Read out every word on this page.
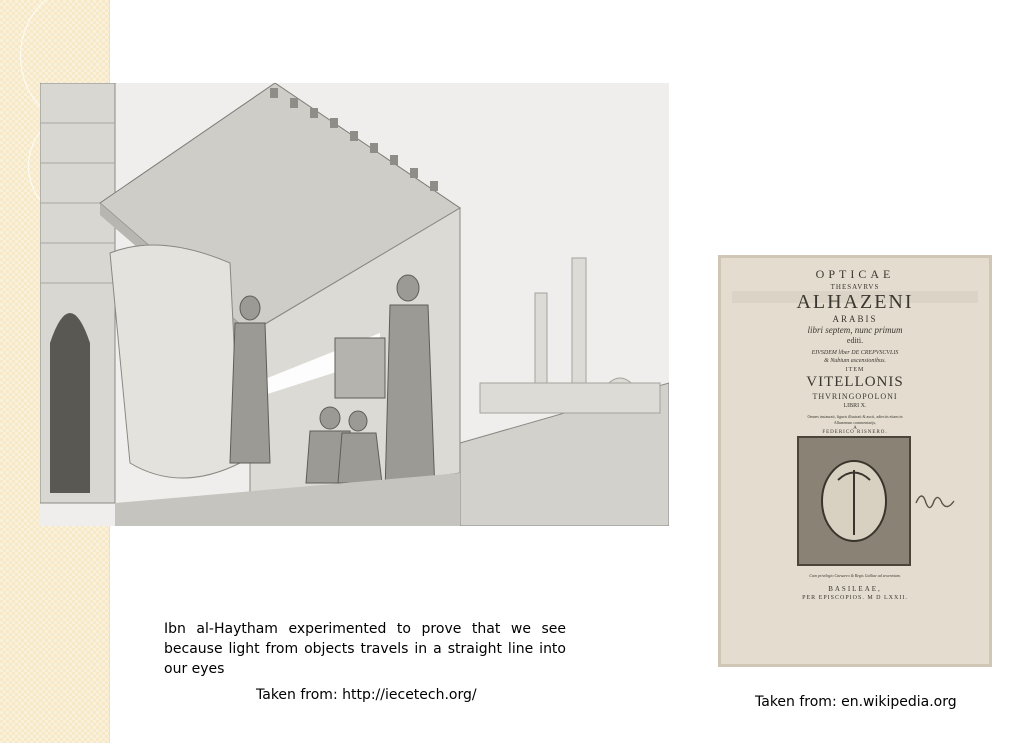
OPTICAE
THESAVRVS
ALHAZENI
ARABIS
libri septem, nunc primum
editi.
EIVSDEM liber DE CREPVSCVLIS
& Nubium ascensionibus.
ITEM
VITELLONIS
THVRINGOPOLONI
LIBRI X.
Omnes instaurati, figuris illustrati & aucti, adiectis etiam in
Alhazenum commentarijs,
A
FEDERICO RISNERO.
Cum privilegio Caesareo & Regis Galliae ad sexennium.
BASILEAE,
PER EPISCOPIOS. M D LXXII.
Ibn al-Haytham experimented to prove that we see because light from objects travels in a straight line into our eyes
Taken from: http://iecetech.org/	Taken from: en.wikipedia.org
